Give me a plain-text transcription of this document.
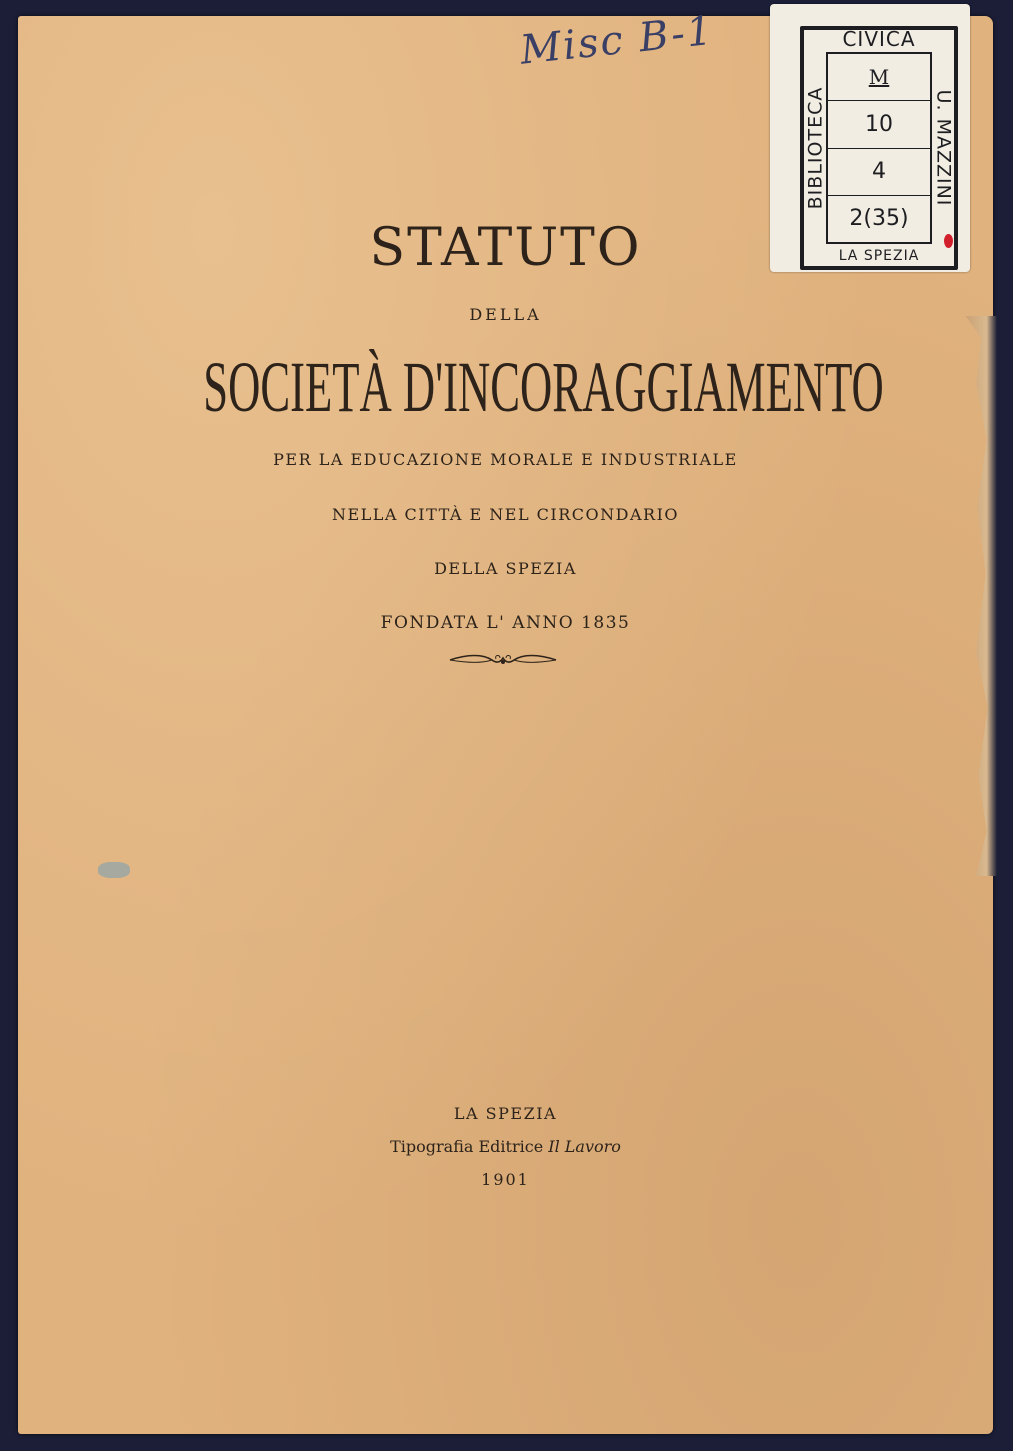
Misc B-1
STATUTO
DELLA
SOCIETÀ D'INCORAGGIAMENTO
PER LA EDUCAZIONE MORALE E INDUSTRIALE
NELLA CITTÀ E NEL CIRCONDARIO
DELLA SPEZIA
FONDATA L' ANNO 1835
LA SPEZIA
Tipografia Editrice Il Lavoro
1901
CIVICA
BIBLIOTECA	U. MAZZINI
M
10
4
2(35)
LA SPEZIA
